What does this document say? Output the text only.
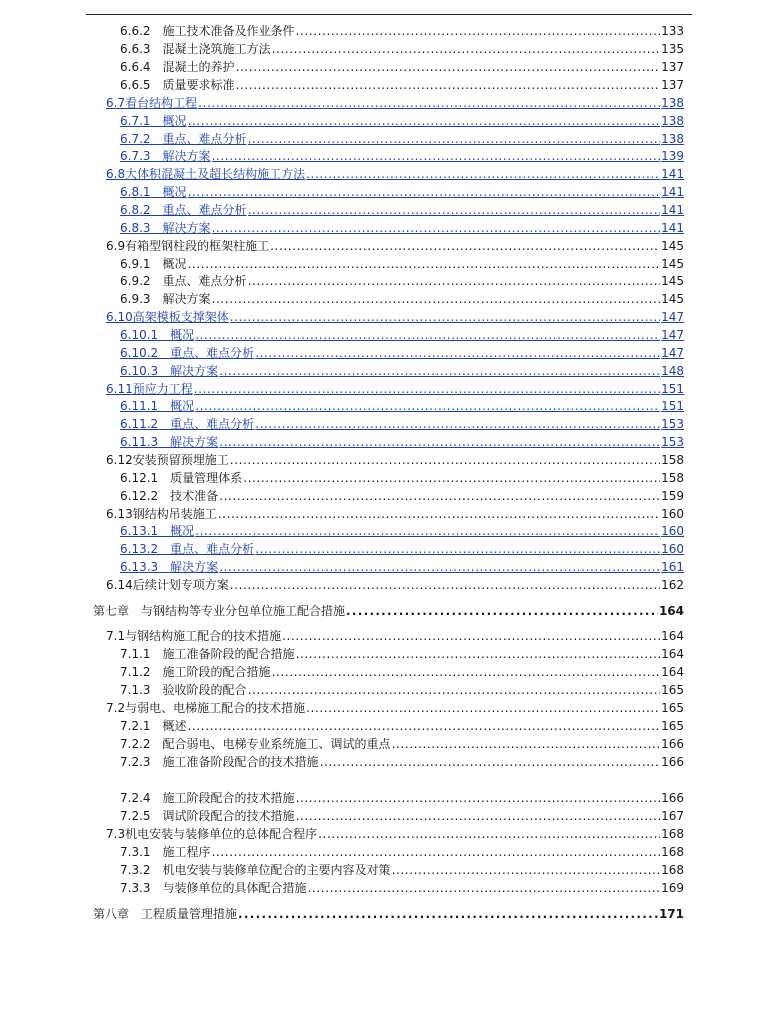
6.6.2　 施工技术准备及作业条件 .....	133
6.6.3　 混凝土浇筑施工方法 .....	135
6.6.4　 混凝土的养护 .....	137
6.6.5　 质量要求标准 .....	137
6.7 看台结构工程 .....	138
6.7.1　 概况 .....	138
6.7.2　 重点、难点分析 .....	138
6.7.3　 解决方案 .....	139
6.8 大体积混凝土及超长结构施工方法 .....	141
6.8.1　 概况 .....	141
6.8.2　 重点、难点分析 .....	141
6.8.3　 解决方案 .....	141
6.9 有箱型钢柱段的框架柱施工 .....	145
6.9.1　 概况 .....	145
6.9.2　 重点、难点分析 .....	145
6.9.3　 解决方案 .....	145
6.10 高架模板支撑架体 .....	147
6.10.1　 概况 .....	147
6.10.2　 重点、难点分析 .....	147
6.10.3　 解决方案 .....	148
6.11 预应力工程 .....	151
6.11.1　 概况 .....	151
6.11.2　 重点、难点分析 .....	153
6.11.3　 解决方案 .....	153
6.12 安装预留预埋施工 .....	158
6.12.1　 质量管理体系 .....	158
6.12.2　 技术准备 .....	159
6.13 钢结构吊装施工 .....	160
6.13.1　 概况 .....	160
6.13.2　 重点、难点分析 .....	160
6.13.3　 解决方案 .....	161
6.14 后续计划专项方案 .....	162
第七章　 与钢结构等专业分包单位施工配合措施 .....	164
7.1 与钢结构施工配合的技术措施 .....	164
7.1.1　 施工准备阶段的配合措施 .....	164
7.1.2　 施工阶段的配合措施 .....	164
7.1.3　 验收阶段的配合 .....	165
7.2 与弱电、电梯施工配合的技术措施 .....	165
7.2.1　 概述 .....	165
7.2.2　 配合弱电、电梯专业系统施工、调试的重点 .....	166
7.2.3　 施工准备阶段配合的技术措施 .....	166
7.2.4　 施工阶段配合的技术措施 .....	166
7.2.5　 调试阶段配合的技术措施 .....	167
7.3 机电安装与装修单位的总体配合程序 .....	168
7.3.1　 施工程序 .....	168
7.3.2　 机电安装与装修单位配合的主要内容及对策 .....	168
7.3.3　 与装修单位的具体配合措施 .....	169
第八章　 工程质量管理措施 .....	171
